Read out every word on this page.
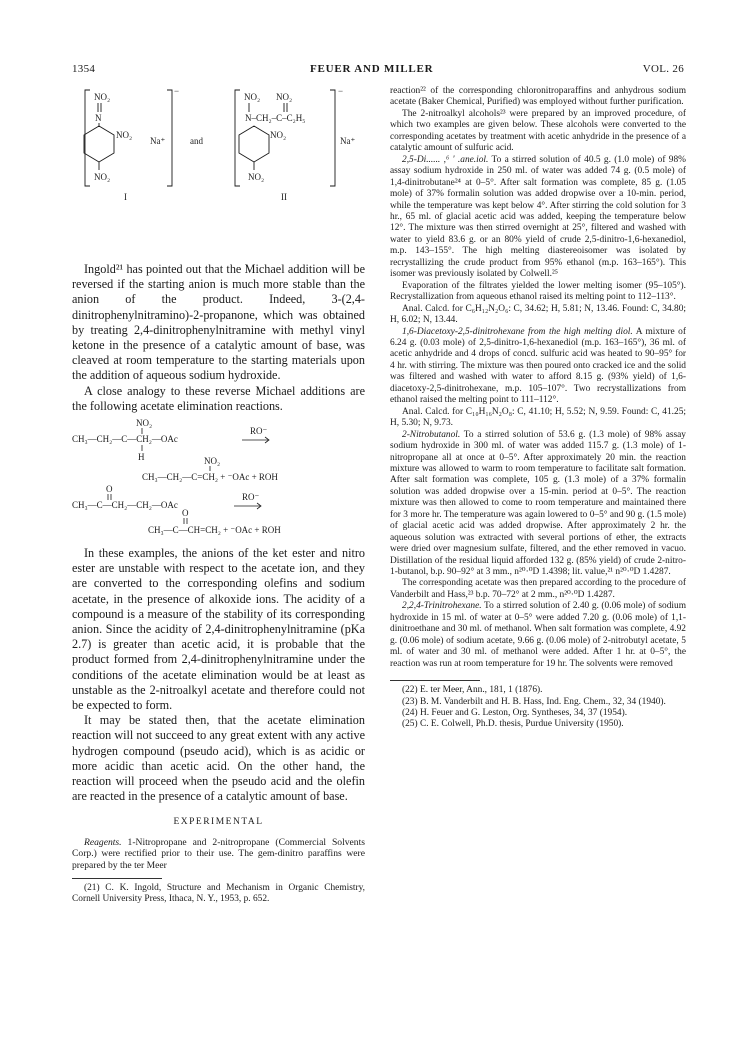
1354	FEUER AND MILLER	VOL. 26
NO₂
N
NO₂
NO₂
Na⁺
−
I
and
NO₂ NO₂
N–CH₂–C–C₂H₅
NO₂
NO₂
Na⁺
−
II

Ingold²¹ has pointed out that the Michael addition will be reversed if the starting anion is much more stable than the anion of the product. Indeed, 3-(2,4-dinitrophenylnitramino)-2-propanone, which was obtained by treating 2,4-dinitrophenylnitramine with methyl vinyl ketone in the presence of a catalytic amount of base, was cleaved at room temperature to the starting materials upon the addition of aqueous sodium hydroxide.

A close analogy to these reverse Michael additions are the following acetate elimination reactions.

NO₂
CH₃—CH₂—C—CH₂—OAc
RO⁻
H	NO₂
CH₃—CH₂—C=CH₂ + ⁻OAc + ROH
O
CH₃—C—CH₂—CH₂—OAc
RO⁻
O
CH₃—C—CH=CH₂ + ⁻OAc + ROH

In these examples, the anions of the ket ester and nitro ester are unstable with respect to the acetate ion, and they are converted to the corresponding olefins and sodium acetate, in the presence of alkoxide ions. The acidity of a compound is a measure of the stability of its corresponding anion. Since the acidity of 2,4-dinitrophenylnitramine (pKa 2.7) is greater than acetic acid, it is probable that the product formed from 2,4-dinitrophenylnitramine under the conditions of the acetate elimination would be at least as unstable as the 2-nitroalkyl acetate and therefore could not be expected to form.

It may be stated then, that the acetate elimination reaction will not succeed to any great extent with any active hydrogen compound (pseudo acid), which is as acidic or more acidic than acetic acid. On the other hand, the reaction will proceed when the pseudo acid and the olefin are reacted in the presence of a catalytic amount of base.

EXPERIMENTAL

Reagents. 1-Nitropropane and 2-nitropropane (Commercial Solvents Corp.) were rectified prior to their use. The gem-dinitro paraffins were prepared by the ter Meer

(21) C. K. Ingold, Structure and Mechanism in Organic Chemistry, Cornell University Press, Ithaca, N. Y., 1953, p. 652.

reaction²² of the corresponding chloronitroparaffins and anhydrous sodium acetate (Baker Chemical, Purified) was employed without further purification.

The 2-nitroalkyl alcohols²³ were prepared by an improved procedure, of which two examples are given below. These alcohols were converted to the corresponding acetates by treatment with acetic anhydride in the presence of a catalytic amount of sulfuric acid.

2,5-Di...... ,⁶ ' .ane.iol. To a stirred solution of 40.5 g. (1.0 mole) of 98% assay sodium hydroxide in 250 ml. of water was added 74 g. (0.5 mole) of 1,4-dinitrobutane²⁴ at 0–5°. After salt formation was complete, 85 g. (1.05 mole) of 37% formalin solution was added dropwise over a 10-min. period, while the temperature was kept below 4°. After stirring the cold solution for 3 hr., 65 ml. of glacial acetic acid was added, keeping the temperature below 12°. The mixture was then stirred overnight at 25°, filtered and washed with water to yield 83.6 g. or an 80% yield of crude 2,5-dinitro-1,6-hexanediol, m.p. 143–155°. The high melting diastereoisomer was isolated by recrystallizing the crude product from 95% ethanol (m.p. 163–165°). This isomer was previously isolated by Colwell.²⁵

Evaporation of the filtrates yielded the lower melting isomer (95–105°). Recrystallization from aqueous ethanol raised its melting point to 112–113°.

Anal. Calcd. for C₆H₁₂N₂O₆: C, 34.62; H, 5.81; N, 13.46. Found: C, 34.80; H, 6.02; N, 13.44.

1,6-Diacetoxy-2,5-dinitrohexane from the high melting diol. A mixture of 6.24 g. (0.03 mole) of 2,5-dinitro-1,6-hexanediol (m.p. 163–165°), 36 ml. of acetic anhydride and 4 drops of concd. sulfuric acid was heated to 90–95° for 4 hr. with stirring. The mixture was then poured onto cracked ice and the solid was filtered and washed with water to afford 8.15 g. (93% yield) of 1,6-diacetoxy-2,5-dinitrohexane, m.p. 105–107°. Two recrystallizations from ethanol raised the melting point to 111–112°.

Anal. Calcd. for C₁₀H₁₆N₂O₈: C, 41.10; H, 5.52; N, 9.59. Found: C, 41.25; H, 5.30; N, 9.73.

2-Nitrobutanol. To a stirred solution of 53.6 g. (1.3 mole) of 98% assay sodium hydroxide in 300 ml. of water was added 115.7 g. (1.3 mole) of 1-nitropropane all at once at 0–5°. After approximately 20 min. the reaction mixture was allowed to warm to room temperature to facilitate salt formation. After salt formation was complete, 105 g. (1.3 mole) of a 37% formalin solution was added dropwise over a 15-min. period at 0–5°. The reaction mixture was then allowed to come to room temperature and maintained there for 3 more hr. The temperature was again lowered to 0–5° and 90 g. (1.5 mole) of glacial acetic acid was added dropwise. After approximately 2 hr. the aqueous solution was extracted with several portions of ether, the extracts were dried over magnesium sulfate, filtered, and the ether removed in vacuo. Distillation of the residual liquid afforded 132 g. (85% yield) of crude 2-nitro-1-butanol, b.p. 90–92° at 3 mm., n²⁰·⁰D 1.4398; lit. value,²¹ n²⁰·⁰D 1.4287.

The corresponding acetate was then prepared according to the procedure of Vanderbilt and Hass,²³ b.p. 70–72° at 2 mm., n²⁰·⁰D 1.4287.

2,2,4-Trinitrohexane. To a stirred solution of 2.40 g. (0.06 mole) of sodium hydroxide in 15 ml. of water at 0–5° were added 7.20 g. (0.06 mole) of 1,1-dinitroethane and 30 ml. of methanol. When salt formation was complete, 4.92 g. (0.06 mole) of sodium acetate, 9.66 g. (0.06 mole) of 2-nitrobutyl acetate, 5 ml. of water and 30 ml. of methanol were added. After 1 hr. at 0–5°, the reaction was run at room temperature for 19 hr. The solvents were removed

(22) E. ter Meer, Ann., 181, 1 (1876).

(23) B. M. Vanderbilt and H. B. Hass, Ind. Eng. Chem., 32, 34 (1940).

(24) H. Feuer and G. Leston, Org. Syntheses, 34, 37 (1954).

(25) C. E. Colwell, Ph.D. thesis, Purdue University (1950).
